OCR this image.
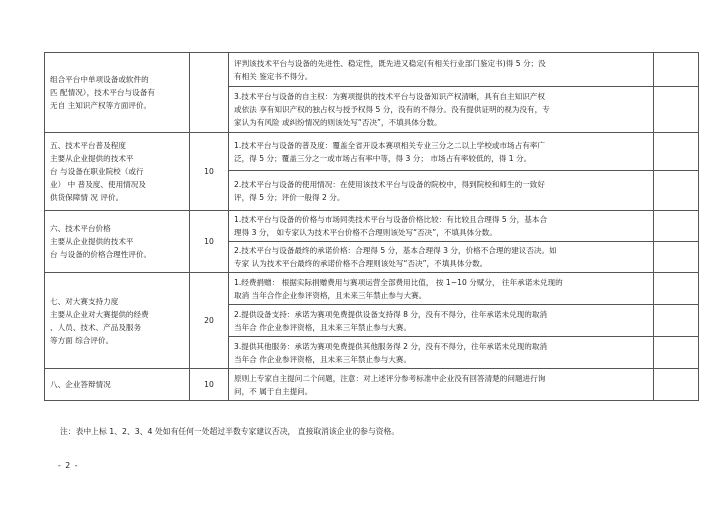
组合平台中单项设备或软件的
匹 配情况），技术平台与设备有
无自 主知识产权等方面评价。		评判该技术平台与设备的先进性、稳定性，既先进又稳定(有相关行业部门鉴定书)得 5 分；没
有相关 鉴定书不得分。	

		3.技术平台与设备的自主权：为赛项提供的技术平台与设备知识产权清晰，具有自主知识产权
或依法 享有知识产权的独占权与授予权得 5 分，没有的不得分。没有提供证明的视为没有，专
家认为有风险 或纠纷情况的则该处写“否决”，不填具体分数。	

五、技术平台普及程度
主要从企业提供的技术平
台 与设备在职业院校（或行
业） 中 普及度、使用情况及
供货保障情 况 评价。	10	1.技术平台与设备的普及度：覆盖全省开设本赛项相关专业三分之二以上学校或市场占有率广
泛，得 5 分；覆盖三分之一或市场占有率中等，得 3 分； 市场占有率较低的，得 1 分。	

		2.技术平台与设备的使用情况：在使用该技术平台与设备的院校中，得到院校和师生的一致好
评，得 5 分；评价一般得 2 分。	

六、技术平台价格
主要从企业提供的技术平
台 与设备的价格合理性评价。	10	1.技术平台与设备的价格与市场同类技术平台与设备价格比较：有比较且合理得 5 分，基本合
理得 3 分， 如专家认为技术平台价格不合理则该处写“否决”，不填具体分数。	

		2.技术平台与设备最终的承诺价格：合理得 5 分，基本合理得 3 分，价格不合理的建议否决。如
专家 认为技术平台最终的承诺价格不合理则该处写“否决”，不填具体分数。	

七、对大赛支持力度
主要从企业对大赛提供的经费
、人员、技术、产品及服务
等方面 综合评价。	20	1.经费捐赠： 根据实际捐赠费用与赛项运营全部费用比值， 按 1~10 分赋分， 往年承诺未兑现的
取消 当年合作企业参评资格，且未来三年禁止参与大赛。	

		2.提供设备支持：承诺为赛项免费提供设备支持得 8 分，没有不得分，往年承诺未兑现的取消
当年合 作企业参评资格，且未来三年禁止参与大赛。	

		3.提供其他服务：承诺为赛项免费提供其他服务得 2 分，没有不得分，往年承诺未兑现的取消
当年合 作企业参评资格，且未来三年禁止参与大赛。	

八、企业答辩情况	10	原则上专家自主提问二个问题，注意：对上述评分参考标准中企业没有回答清楚的问题进行询
问，不 属于自主提问。	

注：表中上标 1、2、3、4 处如有任何一处超过半数专家建议否决， 直接取消该企业的参与资格。
- 2 -
